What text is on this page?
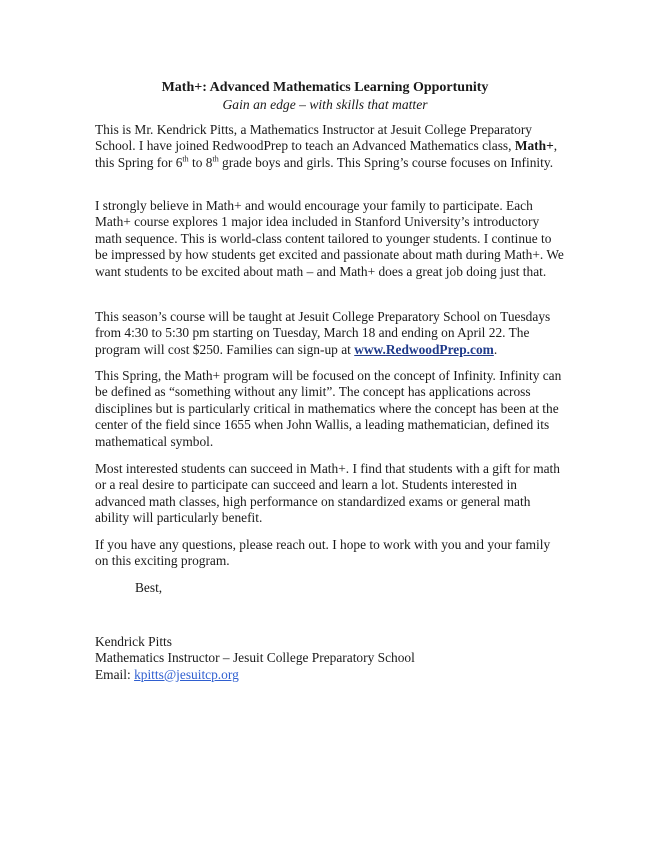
Math+: Advanced Mathematics Learning Opportunity
Gain an edge – with skills that matter

This is Mr. Kendrick Pitts, a Mathematics Instructor at Jesuit College Preparatory School. I have joined RedwoodPrep to teach an Advanced Mathematics class, Math+, this Spring for 6th to 8th grade boys and girls. This Spring’s course focuses on Infinity.

I strongly believe in Math+ and would encourage your family to participate. Each Math+ course explores 1 major idea included in Stanford University’s introductory math sequence. This is world-class content tailored to younger students. I continue to be impressed by how students get excited and passionate about math during Math+. We want students to be excited about math – and Math+ does a great job doing just that.

This season’s course will be taught at Jesuit College Preparatory School on Tuesdays from 4:30 to 5:30 pm starting on Tuesday, March 18 and ending on April 22. The program will cost $250. Families can sign-up at www.RedwoodPrep.com.

This Spring, the Math+ program will be focused on the concept of Infinity. Infinity can be defined as “something without any limit”. The concept has applications across disciplines but is particularly critical in mathematics where the concept has been at the center of the field since 1655 when John Wallis, a leading mathematician, defined its mathematical symbol.

Most interested students can succeed in Math+. I find that students with a gift for math or a real desire to participate can succeed and learn a lot. Students interested in advanced math classes, high performance on standardized exams or general math ability will particularly benefit.

If you have any questions, please reach out. I hope to work with you and your family on this exciting program.

Best,
Kendrick Pitts
Mathematics Instructor – Jesuit College Preparatory School
Email: kpitts@jesuitcp.org
